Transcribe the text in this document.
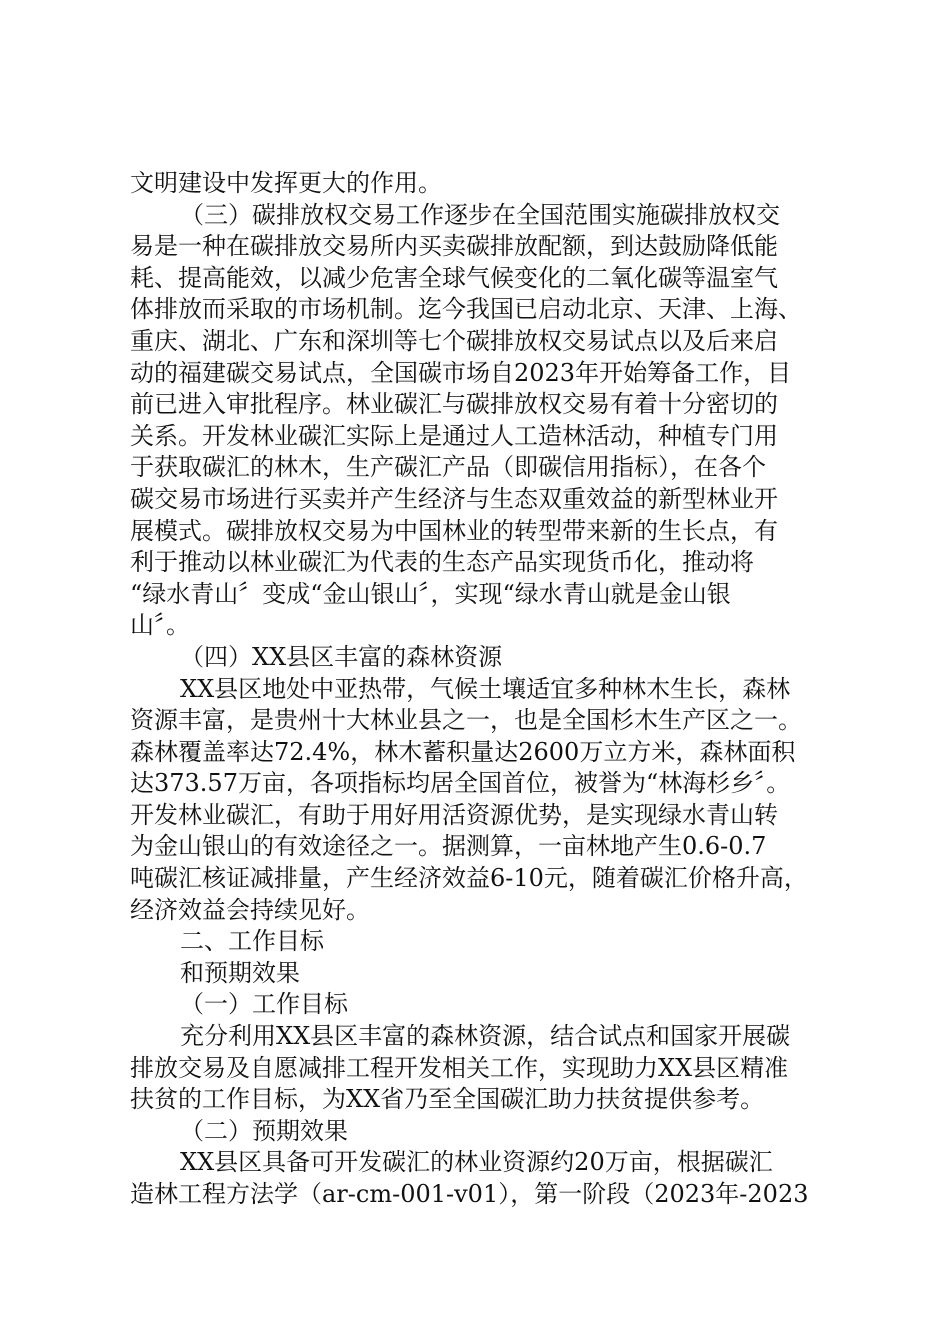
文明建设中发挥更大的作用。
（三）碳排放权交易工作逐步在全国范围实施碳排放权交
易是一种在碳排放交易所内买卖碳排放配额，到达鼓励降低能
耗、提高能效，以减少危害全球气候变化的二氧化碳等温室气
体排放而采取的市场机制。迄今我国已启动北京、天津、上海、
重庆、湖北、广东和深圳等七个碳排放权交易试点以及后来启
动的福建碳交易试点，全国碳市场自2023年开始筹备工作，目
前已进入审批程序。林业碳汇与碳排放权交易有着十分密切的
关系。开发林业碳汇实际上是通过人工造林活动，种植专门用
于获取碳汇的林木，生产碳汇产品（即碳信用指标），在各个
碳交易市场进行买卖并产生经济与生态双重效益的新型林业开
展模式。碳排放权交易为中国林业的转型带来新的生长点，有
利于推动以林业碳汇为代表的生态产品实现货币化，推动将
“绿水青山〞变成“金山银山〞，实现“绿水青山就是金山银
山〞。
（四）XX县区丰富的森林资源
XX县区地处中亚热带，气候土壤适宜多种林木生长，森林
资源丰富，是贵州十大林业县之一，也是全国杉木生产区之一。
森林覆盖率达72.4%，林木蓄积量达2600万立方米，森林面积
达373.57万亩，各项指标均居全国首位，被誉为“林海杉乡〞。
开发林业碳汇，有助于用好用活资源优势，是实现绿水青山转
为金山银山的有效途径之一。据测算，一亩林地产生0.6-0.7
吨碳汇核证减排量，产生经济效益6-10元，随着碳汇价格升高，
经济效益会持续见好。
二、工作目标
和预期效果
（一）工作目标
充分利用XX县区丰富的森林资源，结合试点和国家开展碳
排放交易及自愿减排工程开发相关工作，实现助力XX县区精准
扶贫的工作目标，为XX省乃至全国碳汇助力扶贫提供参考。
（二）预期效果
XX县区具备可开发碳汇的林业资源约20万亩，根据碳汇
造林工程方法学（ar-cm-001-v01），第一阶段（2023年-2023
